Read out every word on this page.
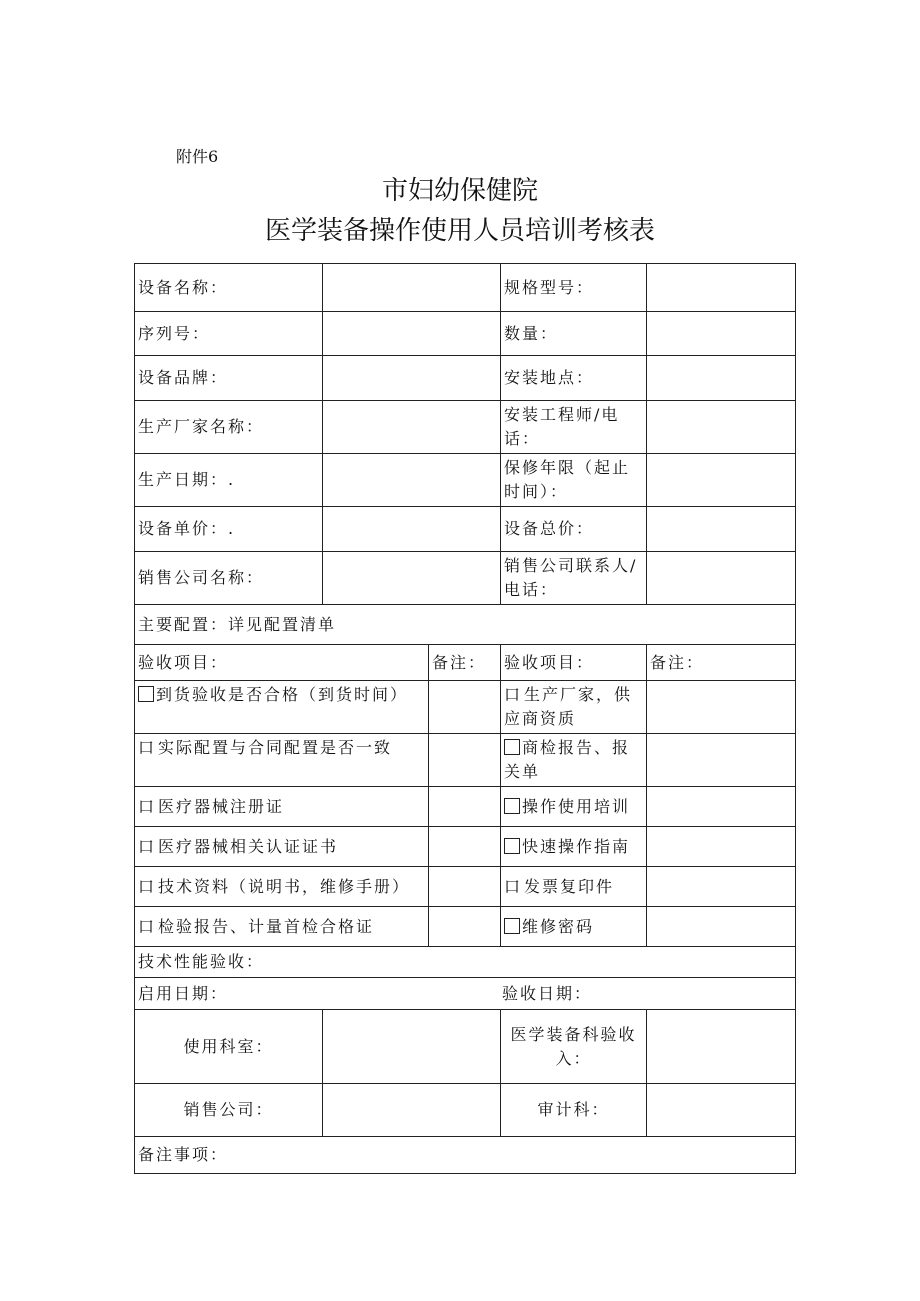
附件6
市妇幼保健院
医学装备操作使用人员培训考核表
设备名称：			规格型号：	
序列号：			数量：	
设备品牌：			安装地点：	
生产厂家名称：			安装工程师/电话：	
生产日期：.			保修年限（起止时间）：	
设备单价：.			设备总价：	
销售公司名称：			销售公司联系人/电话：	
主要配置：详见配置清单				
验收项目：		备注：	验收项目：	备注：
到货验收是否合格（到货时间）			口 生产厂家，供应商资质	
口 实际配置与合同配置是否一致			商检报告、报关单	
口 医疗器械注册证			操作使用培训	
口 医疗器械相关认证证书			快速操作指南	
口 技术资料（说明书，维修手册）			口 发票复印件	
口 检验报告、计量首检合格证			维修密码	
技术性能验收：				

启用日期： 验收日期：				

使用科室：			医学装备科验收入：	
销售公司：			审计科：	
备注事项：				
